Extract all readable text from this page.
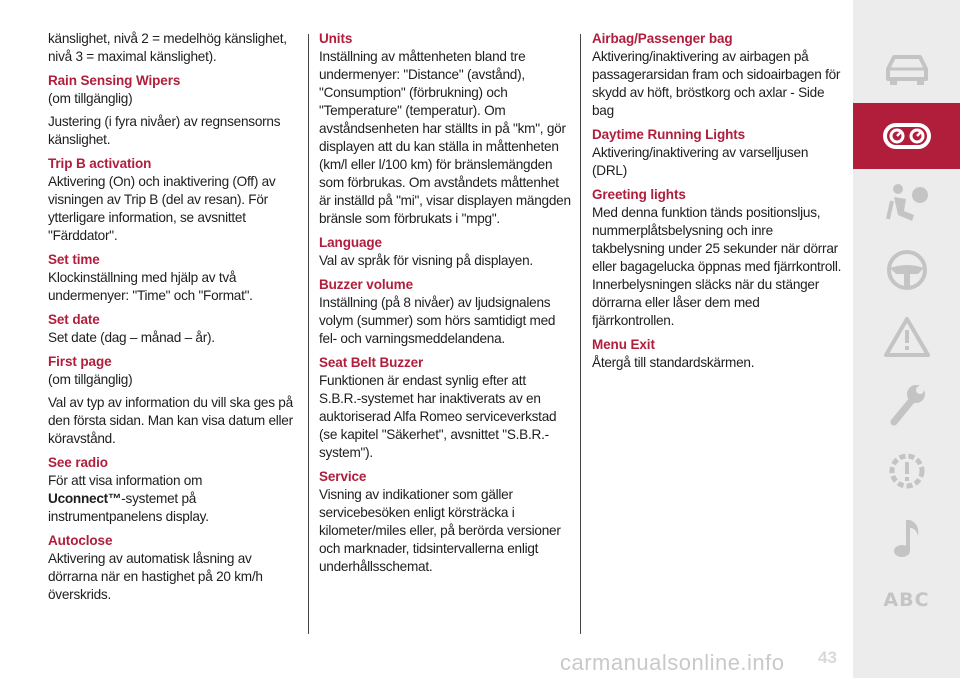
känslighet, nivå 2 = medelhög känslighet, nivå 3 = maximal känslighet).

Rain Sensing Wipers

(om tillgänglig)

Justering (i fyra nivåer) av regnsensorns känslighet.

Trip B activation

Aktivering (On) och inaktivering (Off) av visningen av Trip B (del av resan). För ytterligare information, se avsnittet "Färddator".

Set time

Klockinställning med hjälp av två undermenyer: "Time" och "Format".

Set date

Set date (dag – månad – år).

First page

(om tillgänglig)

Val av typ av information du vill ska ges på den första sidan. Man kan visa datum eller köravstånd.

See radio

För att visa information om
Uconnect™-systemet på instrumentpanelens display.

Autoclose

Aktivering av automatisk låsning av dörrarna när en hastighet på 20 km/h överskrids.

Units

Inställning av måttenheten bland tre undermenyer: "Distance" (avstånd), "Consumption" (förbrukning) och "Temperature" (temperatur). Om avståndsenheten har ställts in på "km", gör displayen att du kan ställa in måttenheten (km/l eller l/100 km) för bränslemängden som förbrukas. Om avståndets måttenhet är inställd på "mi", visar displayen mängden bränsle som förbrukats i "mpg".

Language

Val av språk för visning på displayen.

Buzzer volume

Inställning (på 8 nivåer) av ljudsignalens volym (summer) som hörs samtidigt med fel- och varningsmeddelandena.

Seat Belt Buzzer

Funktionen är endast synlig efter att S.B.R.-systemet har inaktiverats av en auktoriserad Alfa Romeo serviceverkstad (se kapitel "Säkerhet", avsnittet "S.B.R.-system").

Service

Visning av indikationer som gäller servicebesöken enligt körsträcka i kilometer/miles eller, på berörda versioner och marknader, tidsintervallerna enligt underhållsschemat.

Airbag/Passenger bag

Aktivering/inaktivering av airbagen på passagerarsidan fram och sidoairbagen för skydd av höft, bröstkorg och axlar - Side bag

Daytime Running Lights

Aktivering/inaktivering av varselljusen (DRL)

Greeting lights

Med denna funktion tänds positionsljus, nummerplåtsbelysning och inre takbelysning under 25 sekunder när dörrar eller bagagelucka öppnas med fjärrkontroll. Innerbelysningen släcks när du stänger dörrarna eller låser dem med fjärrkontrollen.

Menu Exit

Återgå till standardskärmen.

ABC
carmanualsonline.info 43
